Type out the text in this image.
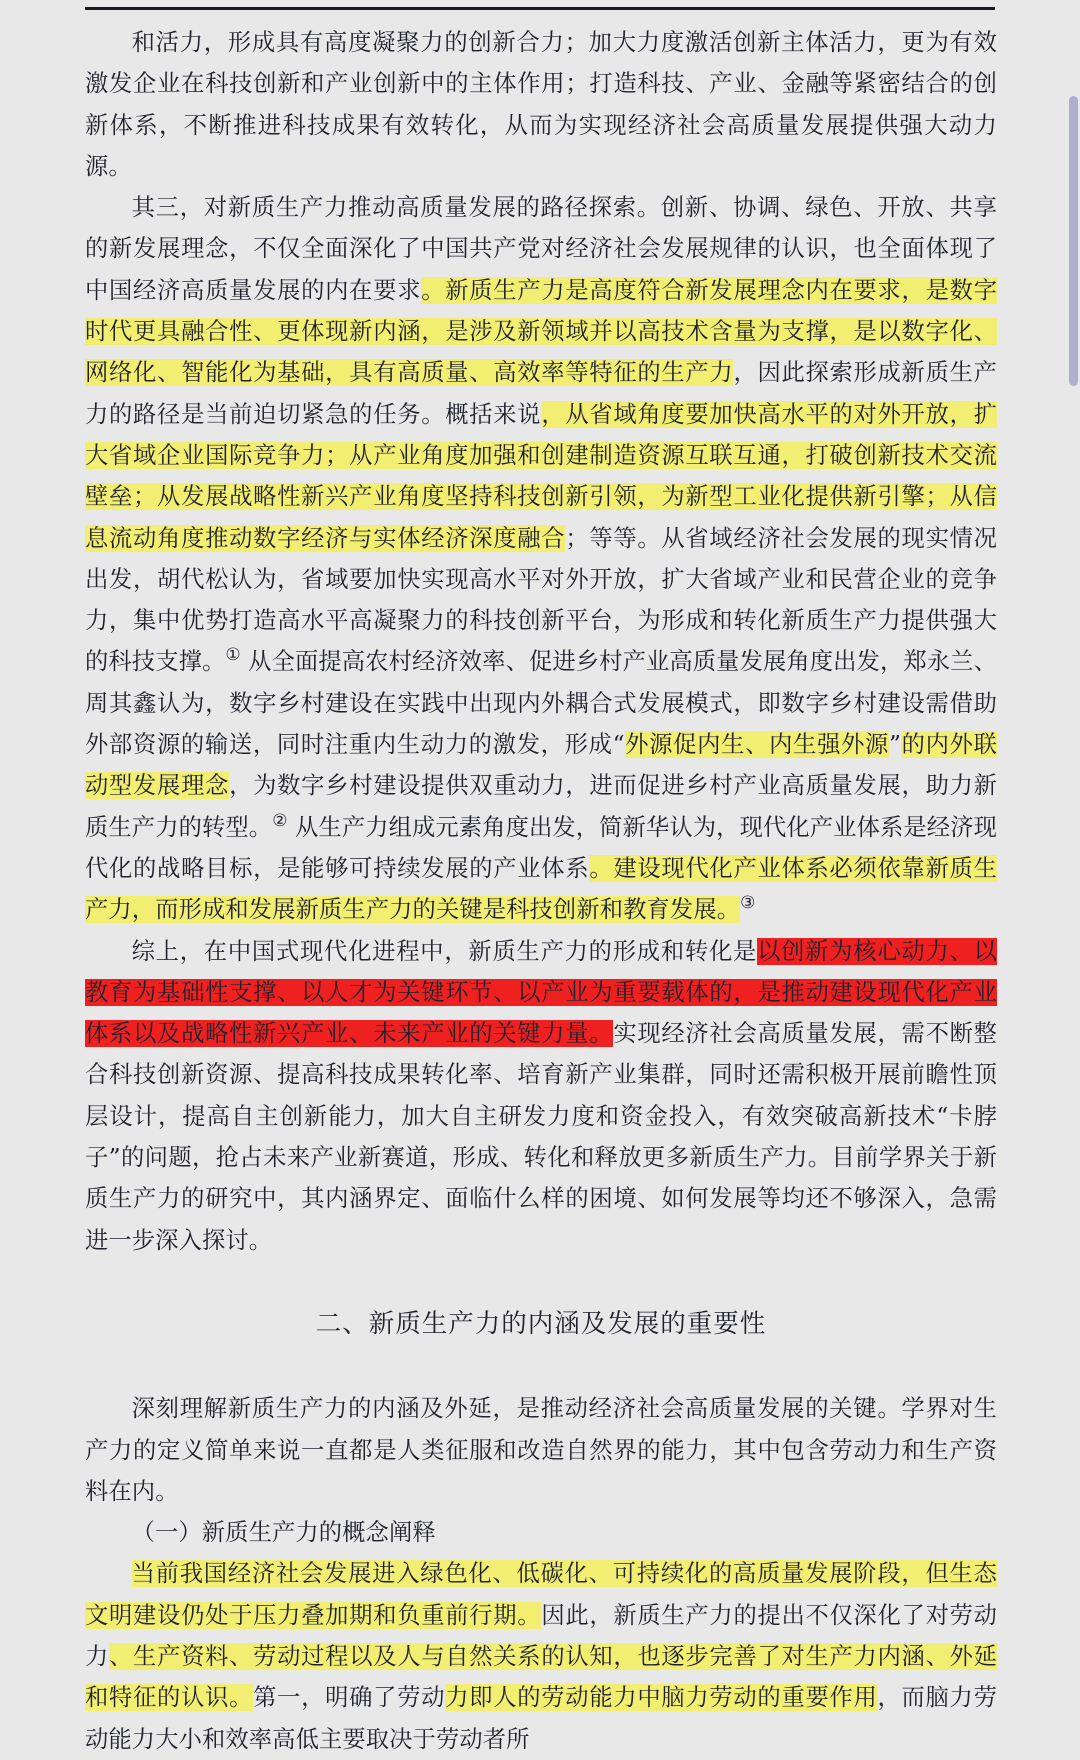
和活力，形成具有高度凝聚力的创新合力；加大力度激活创新主体活力，更为有效激发企业在科技创新和产业创新中的主体作用；打造科技、产业、金融等紧密结合的创新体系，不断推进科技成果有效转化，从而为实现经济社会高质量发展提供强大动力源。

其三，对新质生产力推动高质量发展的路径探索。创新、协调、绿色、开放、共享的新发展理念，不仅全面深化了中国共产党对经济社会发展规律的认识，也全面体现了中国经济高质量发展的内在要求。新质生产力是高度符合新发展理念内在要求，是数字时代更具融合性、更体现新内涵，是涉及新领域并以高技术含量为支撑，是以数字化、网络化、智能化为基础，具有高质量、高效率等特征的生产力，因此探索形成新质生产力的路径是当前迫切紧急的任务。概括来说，从省域角度要加快高水平的对外开放，扩大省域企业国际竞争力；从产业角度加强和创建制造资源互联互通，打破创新技术交流壁垒；从发展战略性新兴产业角度坚持科技创新引领，为新型工业化提供新引擎；从信息流动角度推动数字经济与实体经济深度融合；等等。从省域经济社会发展的现实情况出发，胡代松认为，省域要加快实现高水平对外开放，扩大省域产业和民营企业的竞争力，集中优势打造高水平高凝聚力的科技创新平台，为形成和转化新质生产力提供强大的科技支撑。① 从全面提高农村经济效率、促进乡村产业高质量发展角度出发，郑永兰、周其鑫认为，数字乡村建设在实践中出现内外耦合式发展模式，即数字乡村建设需借助外部资源的输送，同时注重内生动力的激发，形成“外源促内生、内生强外源”的内外联动型发展理念，为数字乡村建设提供双重动力，进而促进乡村产业高质量发展，助力新质生产力的转型。② 从生产力组成元素角度出发，简新华认为，现代化产业体系是经济现代化的战略目标，是能够可持续发展的产业体系。建设现代化产业体系必须依靠新质生产力，而形成和发展新质生产力的关键是科技创新和教育发展。③

综上，在中国式现代化进程中，新质生产力的形成和转化是以创新为核心动力、以教育为基础性支撑、以人才为关键环节、以产业为重要载体的，是推动建设现代化产业体系以及战略性新兴产业、未来产业的关键力量。实现经济社会高质量发展，需不断整合科技创新资源、提高科技成果转化率、培育新产业集群，同时还需积极开展前瞻性顶层设计，提高自主创新能力，加大自主研发力度和资金投入，有效突破高新技术“卡脖子”的问题，抢占未来产业新赛道，形成、转化和释放更多新质生产力。目前学界关于新质生产力的研究中，其内涵界定、面临什么样的困境、如何发展等均还不够深入，急需进一步深入探讨。

二、新质生产力的内涵及发展的重要性

深刻理解新质生产力的内涵及外延，是推动经济社会高质量发展的关键。学界对生产力的定义简单来说一直都是人类征服和改造自然界的能力，其中包含劳动力和生产资料在内。

（一）新质生产力的概念阐释

当前我国经济社会发展进入绿色化、低碳化、可持续化的高质量发展阶段，但生态文明建设仍处于压力叠加期和负重前行期。因此，新质生产力的提出不仅深化了对劳动力、生产资料、劳动过程以及人与自然关系的认知，也逐步完善了对生产力内涵、外延和特征的认识。第一，明确了劳动力即人的劳动能力中脑力劳动的重要作用，而脑力劳动能力大小和效率高低主要取决于劳动者所
